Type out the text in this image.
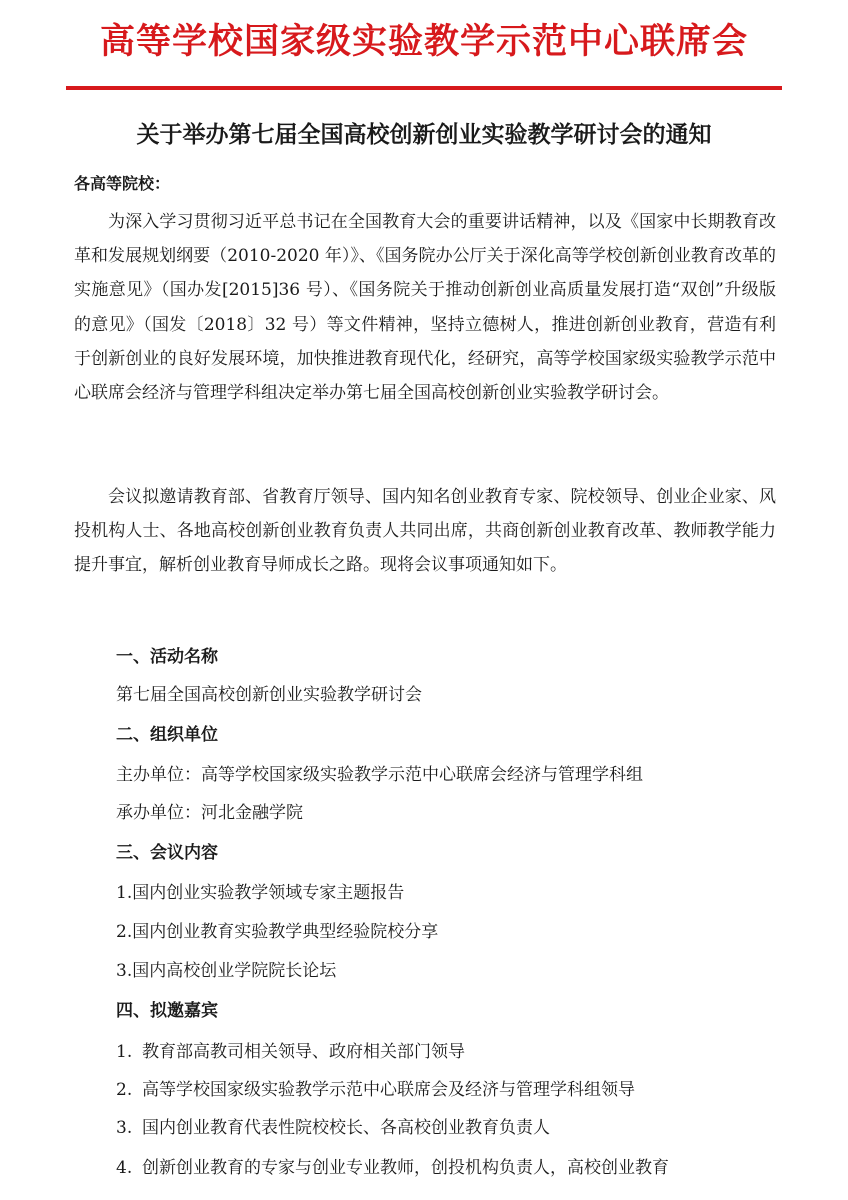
高等学校国家级实验教学示范中心联席会
关于举办第七届全国高校创新创业实验教学研讨会的通知
各高等院校：

为深入学习贯彻习近平总书记在全国教育大会的重要讲话精神，以及《国家中长期教育改革和发展规划纲要（2010-2020 年）》、《国务院办公厅关于深化高等学校创新创业教育改革的实施意见》（国办发[2015]36 号）、《国务院关于推动创新创业高质量发展打造“双创”升级版的意见》（国发〔2018〕32 号）等文件精神，坚持立德树人，推进创新创业教育，营造有利于创新创业的良好发展环境，加快推进教育现代化，经研究，高等学校国家级实验教学示范中心联席会经济与管理学科组决定举办第七届全国高校创新创业实验教学研讨会。

会议拟邀请教育部、省教育厅领导、国内知名创业教育专家、院校领导、创业企业家、风投机构人士、各地高校创新创业教育负责人共同出席，共商创新创业教育改革、教师教学能力提升事宜，解析创业教育导师成长之路。现将会议事项通知如下。

一、活动名称
第七届全国高校创新创业实验教学研讨会
二、组织单位
主办单位：高等学校国家级实验教学示范中心联席会经济与管理学科组
承办单位：河北金融学院
三、会议内容
1.国内创业实验教学领域专家主题报告
2.国内创业教育实验教学典型经验院校分享
3.国内高校创业学院院长论坛
四、拟邀嘉宾
1. 教育部高教司相关领导、政府相关部门领导
2. 高等学校国家级实验教学示范中心联席会及经济与管理学科组领导
3. 国内创业教育代表性院校校长、各高校创业教育负责人
4. 创新创业教育的专家与创业专业教师，创投机构负责人，高校创业教育
